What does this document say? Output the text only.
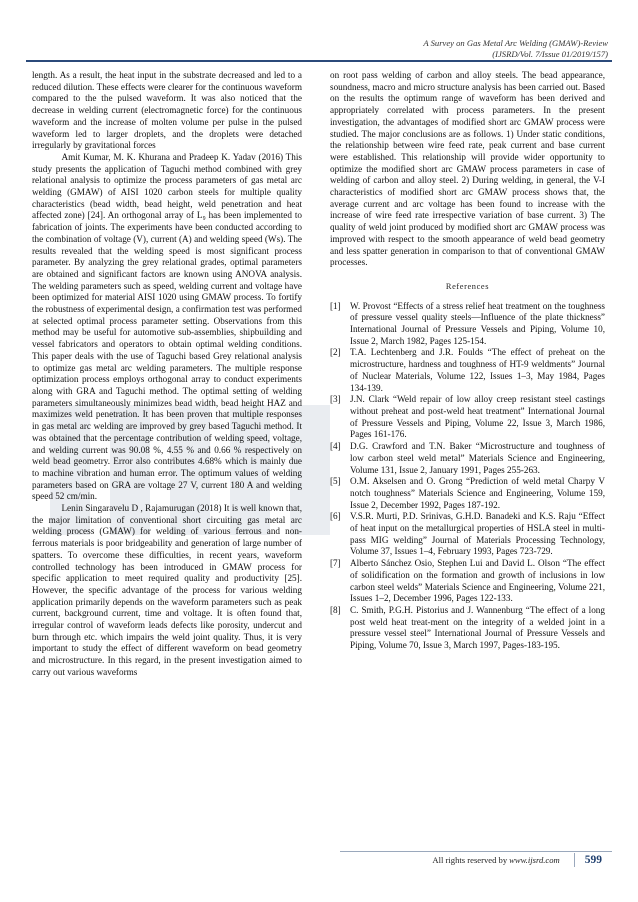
A Survey on Gas Metal Arc Welding (GMAW)-Review
(IJSRD/Vol. 7/Issue 01/2019/157)

length. As a result, the heat input in the substrate decreased and led to a reduced dilution. These effects were clearer for the continuous waveform compared to the the pulsed waveform. It was also noticed that the decrease in welding current (electromagnetic force) for the continuous waveform and the increase of molten volume per pulse in the pulsed waveform led to larger droplets, and the droplets were detached irregularly by gravitational forces

Amit Kumar, M. K. Khurana and Pradeep K. Yadav (2016) This study presents the application of Taguchi method combined with grey relational analysis to optimize the process parameters of gas metal arc welding (GMAW) of AISI 1020 carbon steels for multiple quality characteristics (bead width, bead height, weld penetration and heat affected zone) [24]. An orthogonal array of L₉ has been implemented to fabrication of joints. The experiments have been conducted according to the combination of voltage (V), current (A) and welding speed (Ws). The results revealed that the welding speed is most significant process parameter. By analyzing the grey relational grades, optimal parameters are obtained and significant factors are known using ANOVA analysis. The welding parameters such as speed, welding current and voltage have been optimized for material AISI 1020 using GMAW process. To fortify the robustness of experimental design, a confirmation test was performed at selected optimal process parameter setting. Observations from this method may be useful for automotive sub-assemblies, shipbuilding and vessel fabricators and operators to obtain optimal welding conditions. This paper deals with the use of Taguchi based Grey relational analysis to optimize gas metal arc welding parameters. The multiple response optimization process employs orthogonal array to conduct experiments along with GRA and Taguchi method. The optimal setting of welding parameters simultaneously minimizes bead width, bead height HAZ and maximizes weld penetration. It has been proven that multiple responses in gas metal arc welding are improved by grey based Taguchi method. It was obtained that the percentage contribution of welding speed, voltage, and welding current was 90.08 %, 4.55 % and 0.66 % respectively on weld bead geometry. Error also contributes 4.68% which is mainly due to machine vibration and human error. The optimum values of welding parameters based on GRA are voltage 27 V, current 180 A and welding speed 52 cm/min.

Lenin Singaravelu D , Rajamurugan (2018) It is well known that, the major limitation of conventional short circuiting gas metal arc welding process (GMAW) for welding of various ferrous and non-ferrous materials is poor bridgeability and generation of large number of spatters. To overcome these difficulties, in recent years, waveform controlled technology has been introduced in GMAW process for specific application to meet required quality and productivity [25]. However, the specific advantage of the process for various welding application primarily depends on the waveform parameters such as peak current, background current, time and voltage. It is often found that, irregular control of waveform leads defects like porosity, undercut and burn through etc. which impairs the weld joint quality. Thus, it is very important to study the effect of different waveform on bead geometry and microstructure. In this regard, in the present investigation aimed to carry out various waveforms

on root pass welding of carbon and alloy steels. The bead appearance, soundness, macro and micro structure analysis has been carried out. Based on the results the optimum range of waveform has been derived and appropriately correlated with process parameters. In the present investigation, the advantages of modified short arc GMAW process were studied. The major conclusions are as follows. 1) Under static conditions, the relationship between wire feed rate, peak current and base current were established. This relationship will provide wider opportunity to optimize the modified short arc GMAW process parameters in case of welding of carbon and alloy steel. 2) During welding, in general, the V-I characteristics of modified short arc GMAW process shows that, the average current and arc voltage has been found to increase with the increase of wire feed rate irrespective variation of base current. 3) The quality of weld joint produced by modified short arc GMAW process was improved with respect to the smooth appearance of weld bead geometry and less spatter generation in comparison to that of conventional GMAW processes.

References
[1] W. Provost “Effects of a stress relief heat treatment on the toughness of pressure vessel quality steels—Influence of the plate thickness” International Journal of Pressure Vessels and Piping, Volume 10, Issue 2, March 1982, Pages 125-154.
[2] T.A. Lechtenberg and J.R. Foulds “The effect of preheat on the microstructure, hardness and toughness of HT-9 weldments” Journal of Nuclear Materials, Volume 122, Issues 1–3, May 1984, Pages 134-139.
[3] J.N. Clark “Weld repair of low alloy creep resistant steel castings without preheat and post-weld heat treatment” International Journal of Pressure Vessels and Piping, Volume 22, Issue 3, March 1986, Pages 161-176.
[4] D.G. Crawford and T.N. Baker “Microstructure and toughness of low carbon steel weld metal” Materials Science and Engineering, Volume 131, Issue 2, January 1991, Pages 255-263.
[5] O.M. Akselsen and O. Grong “Prediction of weld metal Charpy V notch toughness” Materials Science and Engineering, Volume 159, Issue 2, December 1992, Pages 187-192.
[6] V.S.R. Murti, P.D. Srinivas, G.H.D. Banadeki and K.S. Raju “Effect of heat input on the metallurgical properties of HSLA steel in multi-pass MIG welding” Journal of Materials Processing Technology, Volume 37, Issues 1–4, February 1993, Pages 723-729.
[7] Alberto Sánchez Osio, Stephen Lui and David L. Olson “The effect of solidification on the formation and growth of inclusions in low carbon steel welds” Materials Science and Engineering, Volume 221, Issues 1–2, December 1996, Pages 122-133.
[8] C. Smith, P.G.H. Pistorius and J. Wannenburg “The effect of a long post weld heat treat-ment on the integrity of a welded joint in a pressure vessel steel” International Journal of Pressure Vessels and Piping, Volume 70, Issue 3, March 1997, Pages-183-195.
All rights reserved by www.ijsrd.com	599
